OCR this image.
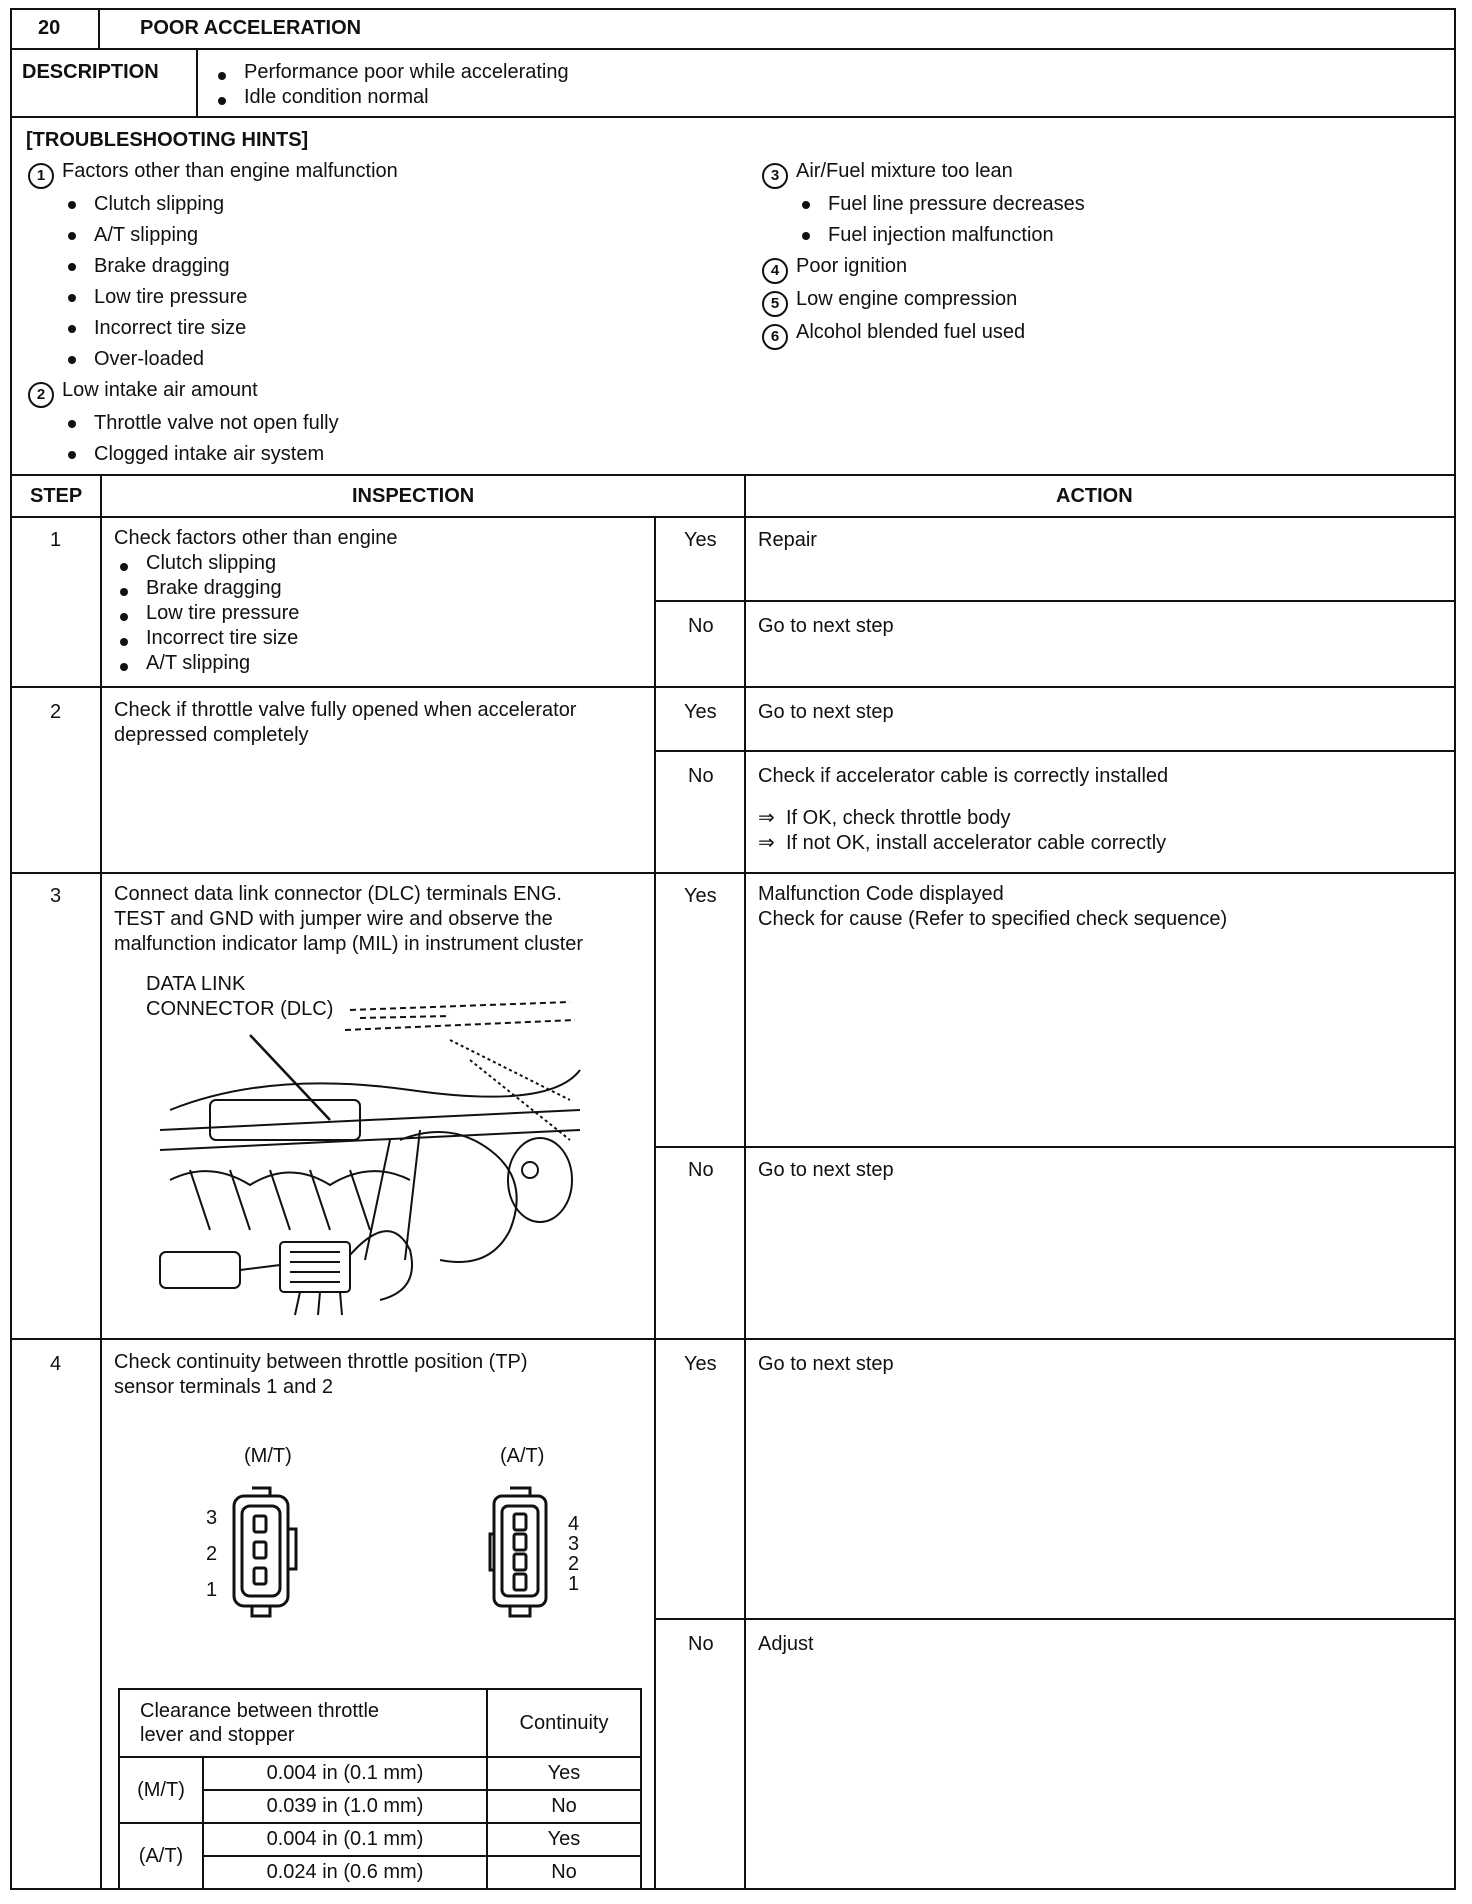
20	POOR ACCELERATION
DESCRIPTION	Performance poor while accelerating
Idle condition normal
[TROUBLESHOOTING HINTS]
1 Factors other than engine malfunction
Clutch slipping
A/T slipping
Brake dragging
Low tire pressure
Incorrect tire size
Over-loaded
2 Low intake air amount
Throttle valve not open fully
Clogged intake air system
3 Air/Fuel mixture too lean
Fuel line pressure decreases
Fuel injection malfunction
4 Poor ignition
5 Low engine compression
6 Alcohol blended fuel used
STEP	INSPECTION	ACTION
1	Check factors other than engine
Clutch slipping
Brake dragging
Low tire pressure
Incorrect tire size
A/T slipping
Yes Repair
No Go to next step
2	Check if throttle valve fully opened when accelerator
depressed completely
Yes Go to next step
No Check if accelerator cable is correctly installed
⇒ If OK, check throttle body
⇒ If not OK, install accelerator cable correctly
3	Connect data link connector (DLC) terminals ENG.
TEST and GND with jumper wire and observe the
malfunction indicator lamp (MIL) in instrument cluster
DATA LINK
CONNECTOR (DLC)
Yes Malfunction Code displayed
Check for cause (Refer to specified check sequence)
No Go to next step
4	Check continuity between throttle position (TP)
sensor terminals 1 and 2
(M/T)	(A/T)
3
2
1
4
3
2
1
Clearance between throttle
lever and stopper		Continuity
(M/T)	0.004 in (0.1 mm)	Yes
	0.039 in (1.0 mm)	No
(A/T)	0.004 in (0.1 mm)	Yes
	0.024 in (0.6 mm)	No
Yes Go to next step
No Adjust
